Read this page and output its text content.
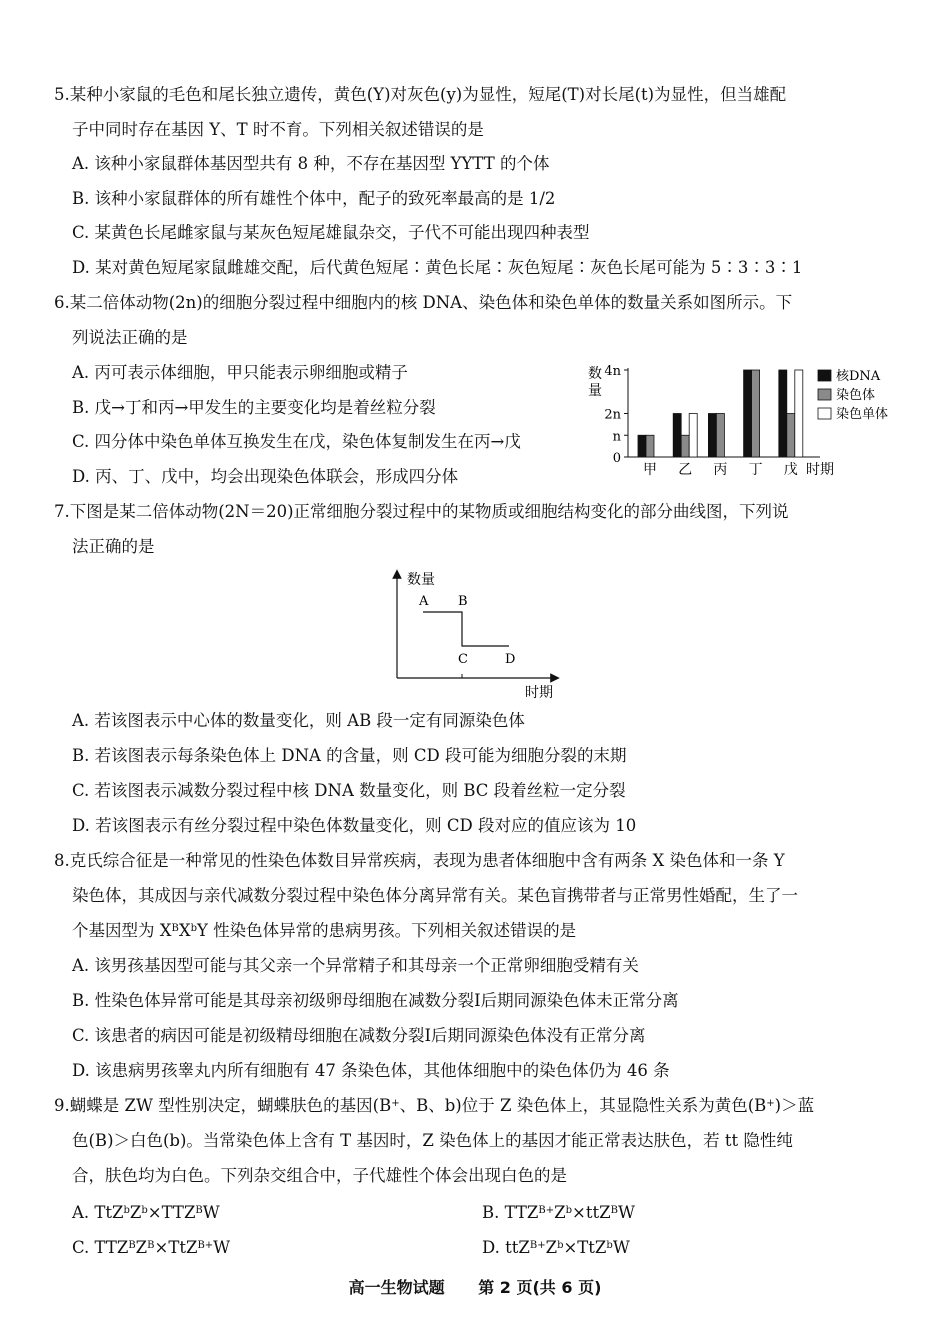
5.某种小家鼠的毛色和尾长独立遗传，黄色(Y)对灰色(y)为显性，短尾(T)对长尾(t)为显性，但当雄配
子中同时存在基因 Y、T 时不育。下列相关叙述错误的是
A. 该种小家鼠群体基因型共有 8 种，不存在基因型 YYTT 的个体
B. 该种小家鼠群体的所有雄性个体中，配子的致死率最高的是 1/2
C. 某黄色长尾雌家鼠与某灰色短尾雄鼠杂交，子代不可能出现四种表型
D. 某对黄色短尾家鼠雌雄交配，后代黄色短尾∶黄色长尾∶灰色短尾∶灰色长尾可能为 5∶3∶3∶1
6.某二倍体动物(2n)的细胞分裂过程中细胞内的核 DNA、染色体和染色单体的数量关系如图所示。下
列说法正确的是
A. 丙可表示体细胞，甲只能表示卵细胞或精子
B. 戊→丁和丙→甲发生的主要变化均是着丝粒分裂
C. 四分体中染色单体互换发生在戊，染色体复制发生在丙→戊
D. 丙、丁、戊中，均会出现染色体联会，形成四分体
数
量
0
n
2n
4n
甲 乙 丙 丁 戊 时期
核DNA
染色体
染色单体
7.下图是某二倍体动物(2N＝20)正常细胞分裂过程中的某物质或细胞结构变化的部分曲线图，下列说
法正确的是
数量
时期
A B
C	D
A. 若该图表示中心体的数量变化，则 AB 段一定有同源染色体
B. 若该图表示每条染色体上 DNA 的含量，则 CD 段可能为细胞分裂的末期
C. 若该图表示减数分裂过程中核 DNA 数量变化，则 BC 段着丝粒一定分裂
D. 若该图表示有丝分裂过程中染色体数量变化，则 CD 段对应的值应该为 10
8.克氏综合征是一种常见的性染色体数目异常疾病，表现为患者体细胞中含有两条 X 染色体和一条 Y
染色体，其成因与亲代减数分裂过程中染色体分离异常有关。某色盲携带者与正常男性婚配，生了一
个基因型为 $X^BX^bY$ 性染色体异常的患病男孩。下列相关叙述错误的是
A. 该男孩基因型可能与其父亲一个异常精子和其母亲一个正常卵细胞受精有关
B. 性染色体异常可能是其母亲初级卵母细胞在减数分裂Ⅰ后期同源染色体未正常分离
C. 该患者的病因可能是初级精母细胞在减数分裂Ⅰ后期同源染色体没有正常分离
D. 该患病男孩睾丸内所有细胞有 47 条染色体，其他体细胞中的染色体仍为 46 条
9.蝴蝶是 ZW 型性别决定，蝴蝶肤色的基因(B+、B、b)位于 Z 染色体上，其显隐性关系为黄色(B+)＞蓝
色(B)＞白色(b)。当常染色体上含有 T 基因时，Z 染色体上的基因才能正常表达肤色，若 tt 隐性纯
合，肤色均为白色。下列杂交组合中，子代雄性个体会出现白色的是
A. $TtZ^bZ^b\times TTZ^BW$	B. $TTZ^{B+}Z^b\times ttZ^BW$
C. $TTZ^BZ^B\times TtZ^{B+}W$	D. $ttZ^{B+}Z^b\times TtZ^bW$
高一生物试题 第 2 页(共 6 页)
